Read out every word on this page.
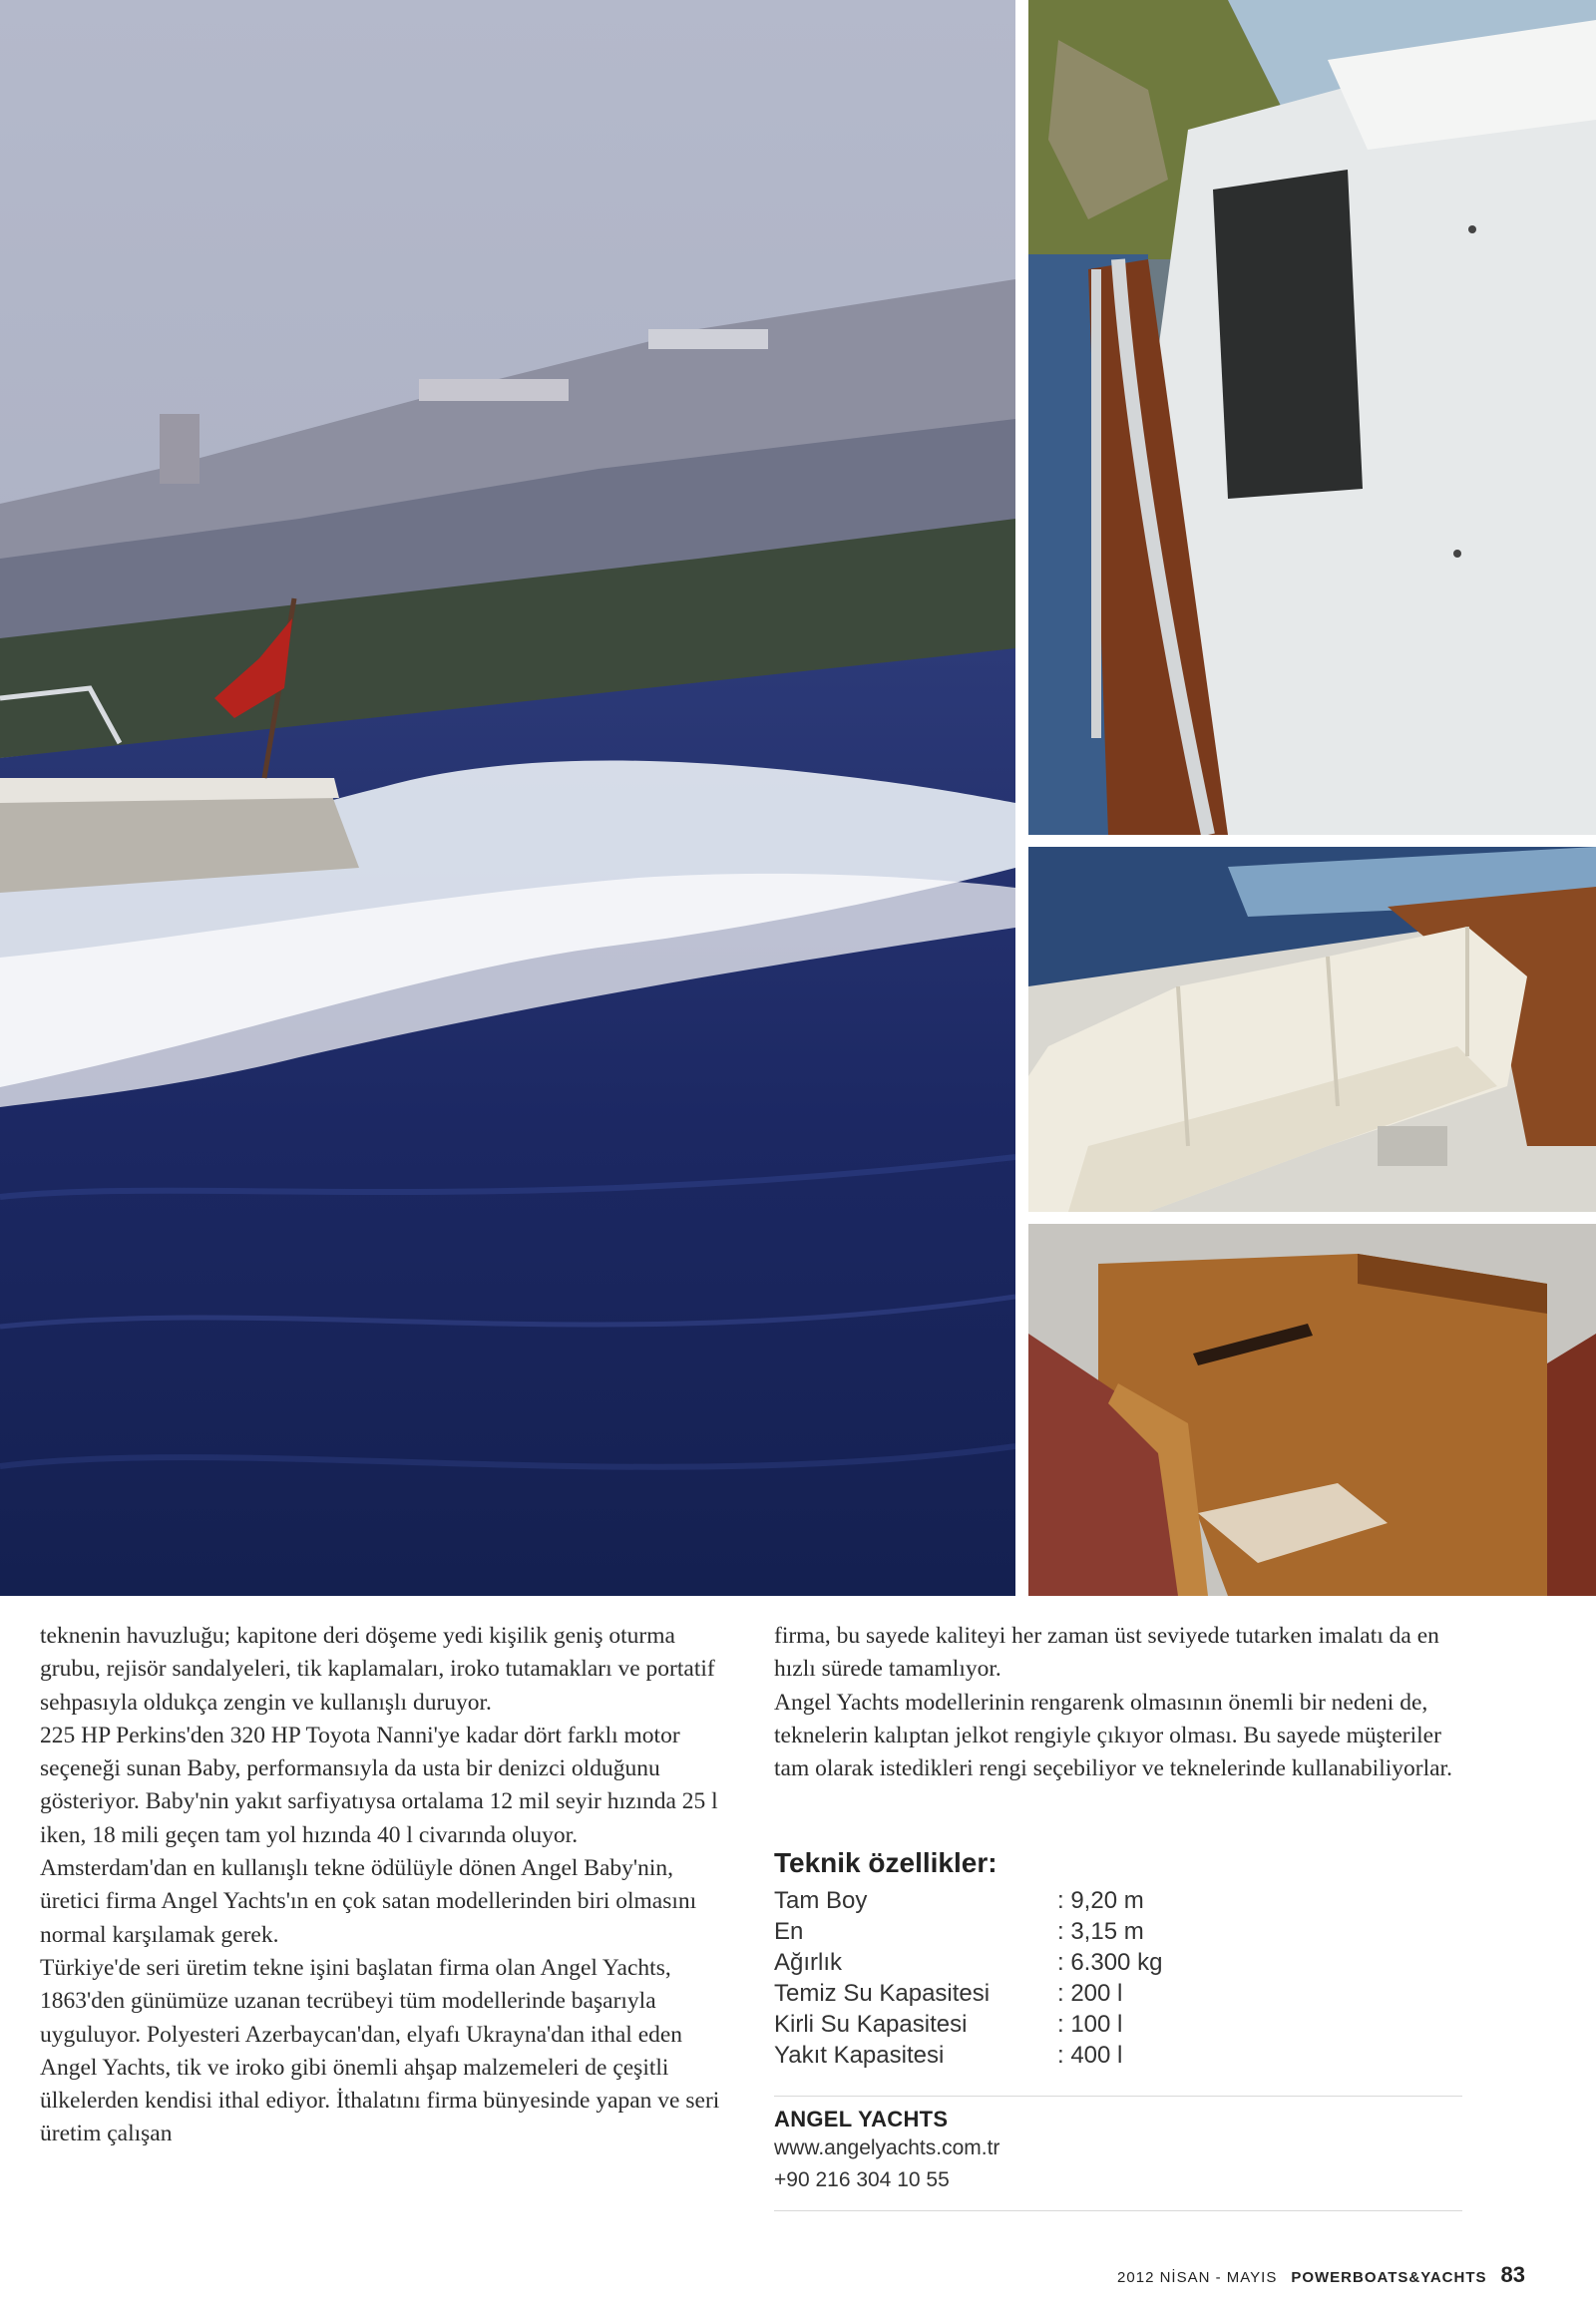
teknenin havuzluğu; kapitone deri döşeme yedi kişilik geniş oturma grubu, rejisör sandalyeleri, tik kaplamaları, iroko tutamakları ve portatif sehpasıyla oldukça zengin ve kullanışlı duruyor.

225 HP Perkins'den 320 HP Toyota Nanni'ye kadar dört farklı motor seçeneği sunan Baby, performansıyla da usta bir denizci olduğunu gösteriyor. Baby'nin yakıt sarfiyatıysa ortalama 12 mil seyir hızında 25 l iken, 18 mili geçen tam yol hızında 40 l civarında oluyor.

Amsterdam'dan en kullanışlı tekne ödülüyle dönen Angel Baby'nin, üretici firma Angel Yachts'ın en çok satan modellerinden biri olmasını normal karşılamak gerek.

Türkiye'de seri üretim tekne işini başlatan firma olan Angel Yachts, 1863'den günümüze uzanan tecrübeyi tüm modellerinde başarıyla uyguluyor. Polyesteri Azerbaycan'dan, elyafı Ukrayna'dan ithal eden Angel Yachts, tik ve iroko gibi önemli ahşap malzemeleri de çeşitli ülkelerden kendisi ithal ediyor. İthalatını firma bünyesinde yapan ve seri üretim çalışan

firma, bu sayede kaliteyi her zaman üst seviyede tutarken imalatı da en hızlı sürede tamamlıyor.

Angel Yachts modellerinin rengarenk olmasının önemli bir nedeni de, teknelerin kalıptan jelkot rengiyle çıkıyor olması. Bu sayede müşteriler tam olarak istedikleri rengi seçebiliyor ve teknelerinde kullanabiliyorlar.

Teknik özellikler:
Tam Boy	: 9,20 m
En	: 3,15 m
Ağırlık	: 6.300 kg
Temiz Su Kapasitesi	: 200 l
Kirli Su Kapasitesi	: 100 l
Yakıt Kapasitesi	: 400 l
ANGEL YACHTS
www.angelyachts.com.tr
+90 216 304 10 55
2012 NİSAN - MAYIS POWERBOATS&YACHTS 83
